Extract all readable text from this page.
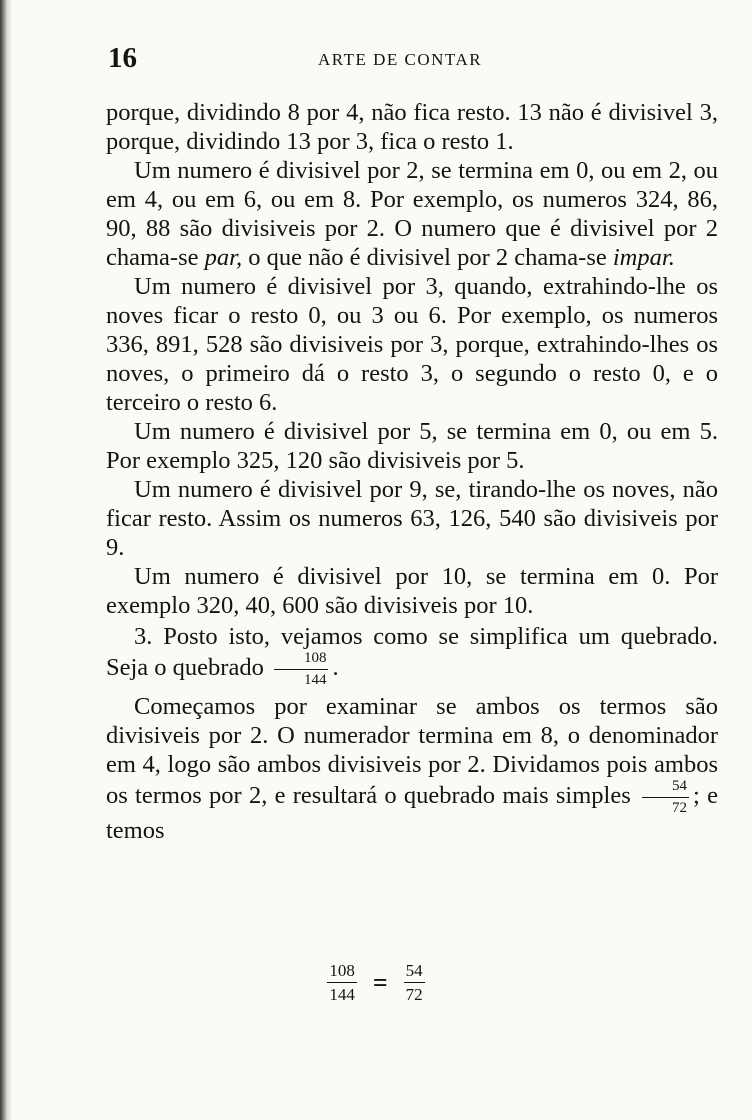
16	ARTE DE CONTAR

porque, dividindo 8 por 4, não fica resto. 13 não é divisivel 3, porque, dividindo 13 por 3, fica o resto 1.

Um numero é divisivel por 2, se termina em 0, ou em 2, ou em 4, ou em 6, ou em 8. Por exemplo, os numeros 324, 86, 90, 88 são divisiveis por 2. O numero que é divisivel por 2 chama-se par, o que não é divisivel por 2 chama-se impar.

Um numero é divisivel por 3, quando, extrahindo-lhe os noves ficar o resto 0, ou 3 ou 6. Por exemplo, os numeros 336, 891, 528 são divisiveis por 3, porque, extrahindo-lhes os noves, o primeiro dá o resto 3, o segundo o resto 0, e o terceiro o resto 6.

Um numero é divisivel por 5, se termina em 0, ou em 5. Por exemplo 325, 120 são divisiveis por 5.

Um numero é divisivel por 9, se, tirando-lhe os noves, não ficar resto. Assim os numeros 63, 126, 540 são divisiveis por 9.

Um numero é divisivel por 10, se termina em 0. Por exemplo 320, 40, 600 são divisiveis por 10.

3. Posto isto, vejamos como se simplifica um quebrado. Seja o quebrado $\frac{108}{144}$ .

Começamos por examinar se ambos os termos são divisiveis por 2. O numerador termina em 8, o denominador em 4, logo são ambos divisiveis por 2. Dividamos pois ambos os termos por 2, e resultará o quebrado mais simples $\frac{54}{72}$ ; e temos

$\frac{108}{144} = \frac{54}{72}$
